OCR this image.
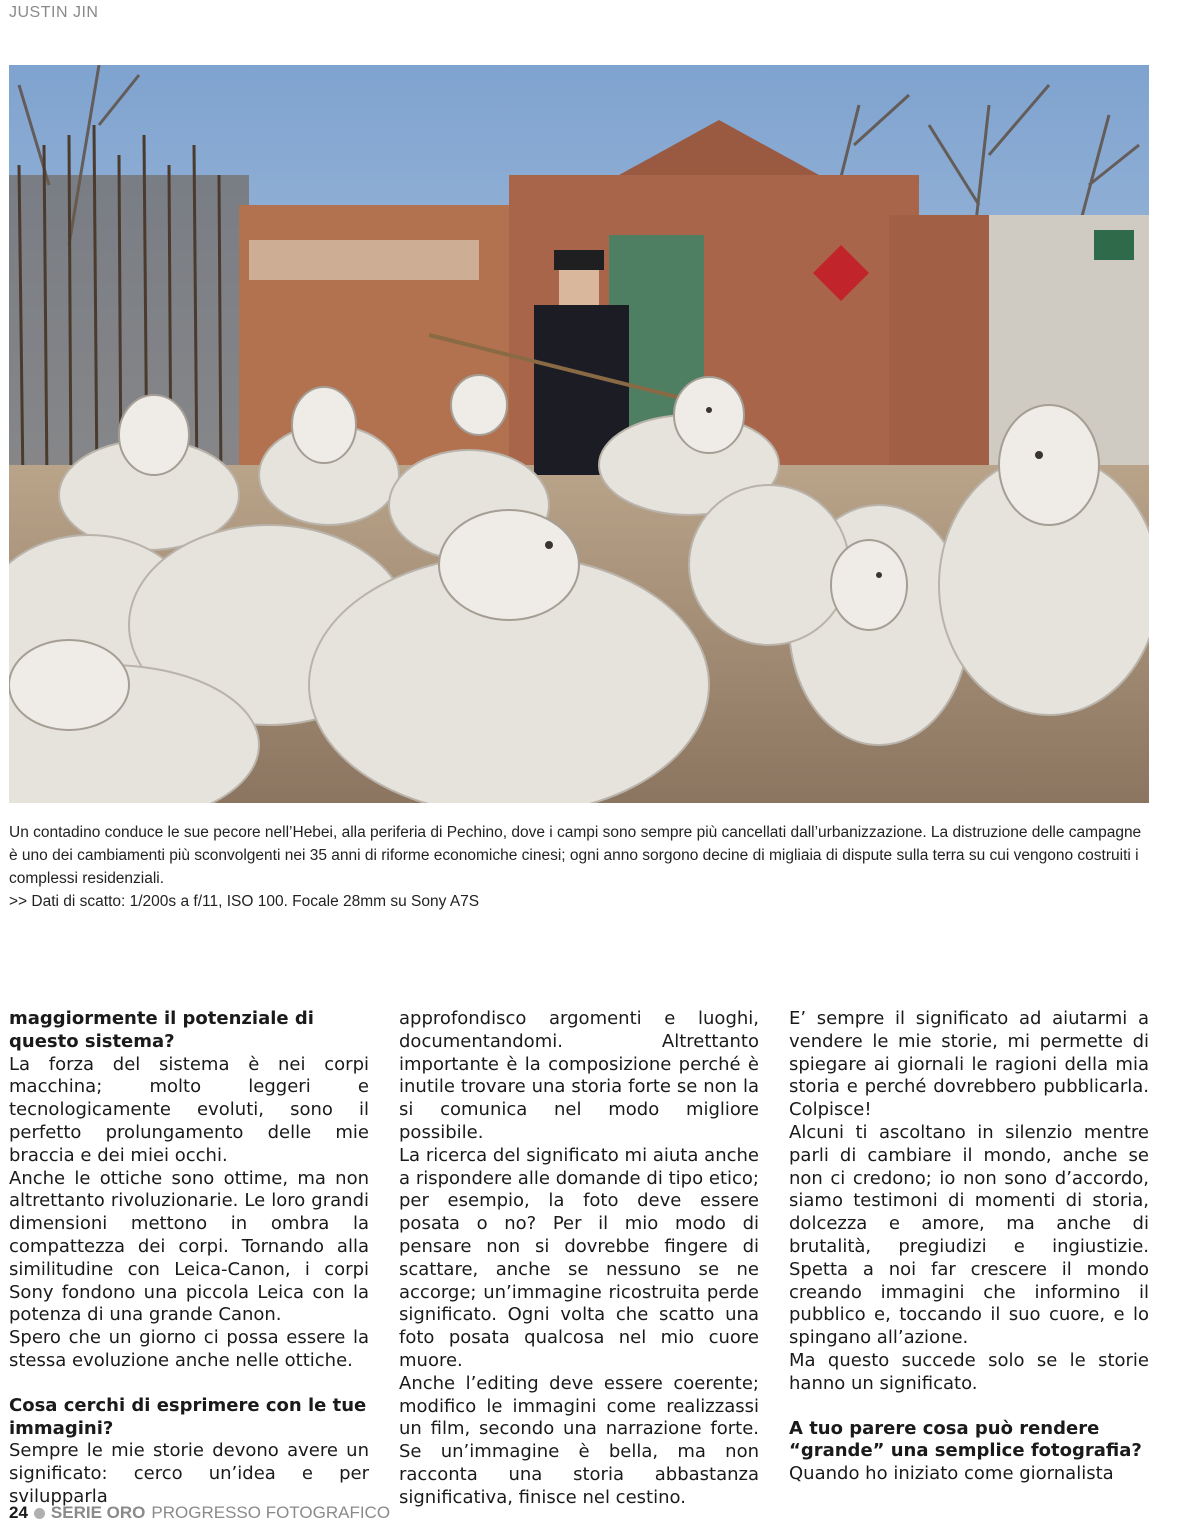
JUSTIN JIN

Un contadino conduce le sue pecore nell’Hebei, alla periferia di Pechino, dove i campi sono sempre più cancellati dall’urbanizzazione. La distruzione delle campagne è uno dei cambiamenti più sconvolgenti nei 35 anni di riforme economiche cinesi; ogni anno sorgono decine di migliaia di dispute sulla terra su cui vengono costruiti i complessi residenziali.

>> Dati di scatto: 1/200s a f/11, ISO 100. Focale 28mm su Sony A7S

maggiormente il potenziale di questo sistema?

La forza del sistema è nei corpi macchina; molto leggeri e tecnologicamente evoluti, sono il perfetto prolungamento delle mie braccia e dei miei occhi.

Anche le ottiche sono ottime, ma non altrettanto rivoluzionarie. Le loro grandi dimensioni mettono in ombra la compattezza dei corpi. Tornando alla similitudine con Leica-Canon, i corpi Sony fondono una piccola Leica con la potenza di una grande Canon.

Spero che un giorno ci possa essere la stessa evoluzione anche nelle ottiche.

Cosa cerchi di esprimere con le tue immagini?

Sempre le mie storie devono avere un significato: cerco un’idea e per svilupparla

approfondisco argomenti e luoghi, documentandomi. Altrettanto importante è la composizione perché è inutile trovare una storia forte se non la si comunica nel modo migliore possibile.

La ricerca del significato mi aiuta anche a rispondere alle domande di tipo etico; per esempio, la foto deve essere posata o no? Per il mio modo di pensare non si dovrebbe fingere di scattare, anche se nessuno se ne accorge; un’immagine ricostruita perde significato. Ogni volta che scatto una foto posata qualcosa nel mio cuore muore.

Anche l’editing deve essere coerente; modifico le immagini come realizzassi un film, secondo una narrazione forte. Se un’immagine è bella, ma non racconta una storia abbastanza significativa, finisce nel cestino.

E’ sempre il significato ad aiutarmi a vendere le mie storie, mi permette di spiegare ai giornali le ragioni della mia storia e perché dovrebbero pubblicarla. Colpisce!

Alcuni ti ascoltano in silenzio mentre parli di cambiare il mondo, anche se non ci credono; io non sono d’accordo, siamo testimoni di momenti di storia, dolcezza e amore, ma anche di brutalità, pregiudizi e ingiustizie. Spetta a noi far crescere il mondo creando immagini che informino il pubblico e, toccando il suo cuore, e lo spingano all’azione.

Ma questo succede solo se le storie hanno un significato.

A tuo parere cosa può rendere “grande” una semplice fotografia?

Quando ho iniziato come giornalista

24 SERIE ORO PROGRESSO FOTOGRAFICO
